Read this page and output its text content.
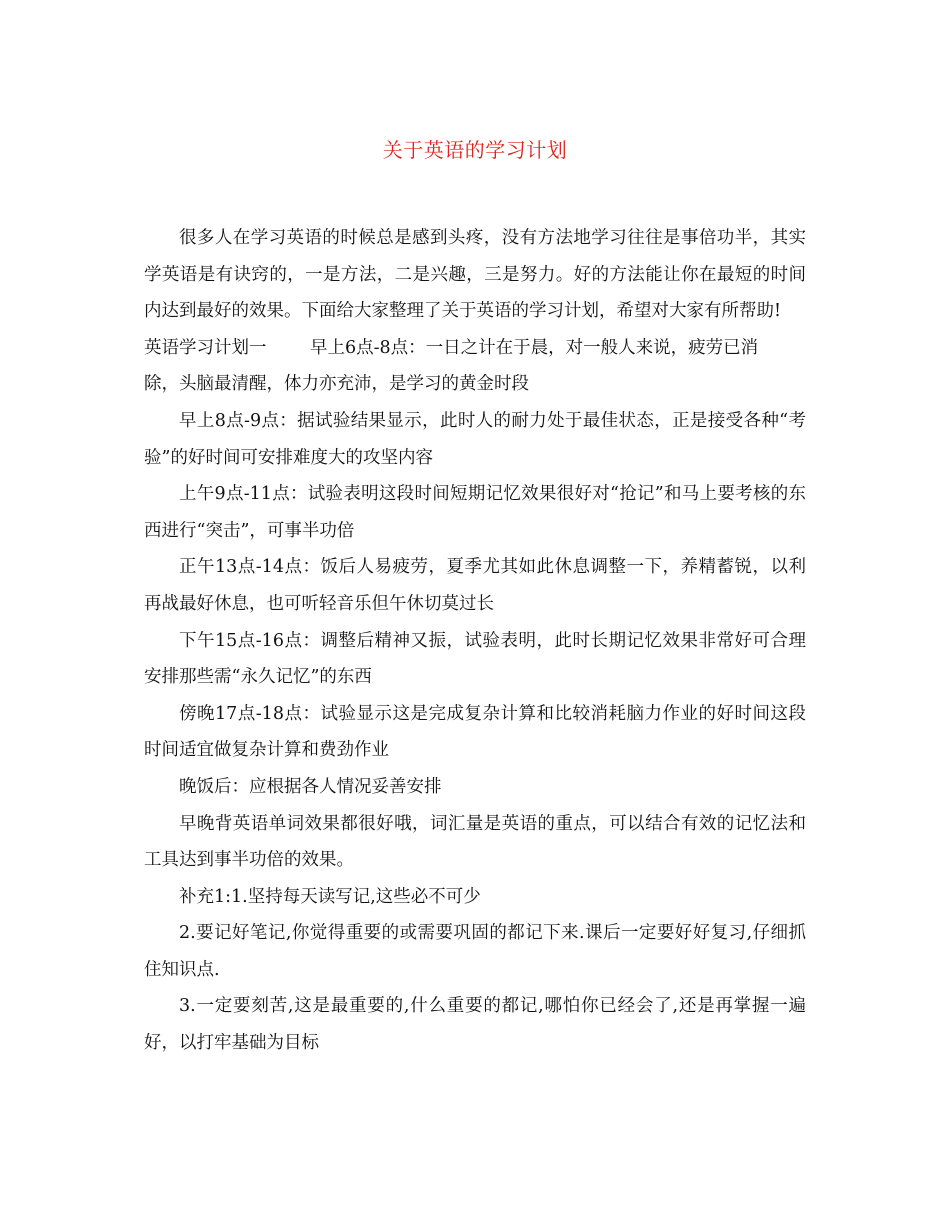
关于英语的学习计划

很多人在学习英语的时候总是感到头疼，没有方法地学习往往是事倍功半，其实学英语是有诀窍的，一是方法，二是兴趣，三是努力。好的方法能让你在最短的时间内达到最好的效果。下面给大家整理了关于英语的学习计划，希望对大家有所帮助!

英语学习计划一	早上6点-8点：一日之计在于晨，对一般人来说，疲劳已消

除，头脑最清醒，体力亦充沛，是学习的黄金时段

早上8点-9点：据试验结果显示，此时人的耐力处于最佳状态，正是接受各种“考验”的好时间可安排难度大的攻坚内容

上午9点-11点：试验表明这段时间短期记忆效果很好对“抢记”和马上要考核的东西进行“突击”，可事半功倍

正午13点-14点：饭后人易疲劳，夏季尤其如此休息调整一下，养精蓄锐，以利再战最好休息，也可听轻音乐但午休切莫过长

下午15点-16点：调整后精神又振，试验表明，此时长期记忆效果非常好可合理安排那些需“永久记忆”的东西

傍晚17点-18点：试验显示这是完成复杂计算和比较消耗脑力作业的好时间这段时间适宜做复杂计算和费劲作业

晚饭后：应根据各人情况妥善安排

早晚背英语单词效果都很好哦，词汇量是英语的重点，可以结合有效的记忆法和工具达到事半功倍的效果。

补充1:1.坚持每天读写记,这些必不可少

2.要记好笔记,你觉得重要的或需要巩固的都记下来.课后一定要好好复习,仔细抓住知识点.

3.一定要刻苦,这是最重要的,什么重要的都记,哪怕你已经会了,还是再掌握一遍好，以打牢基础为目标
